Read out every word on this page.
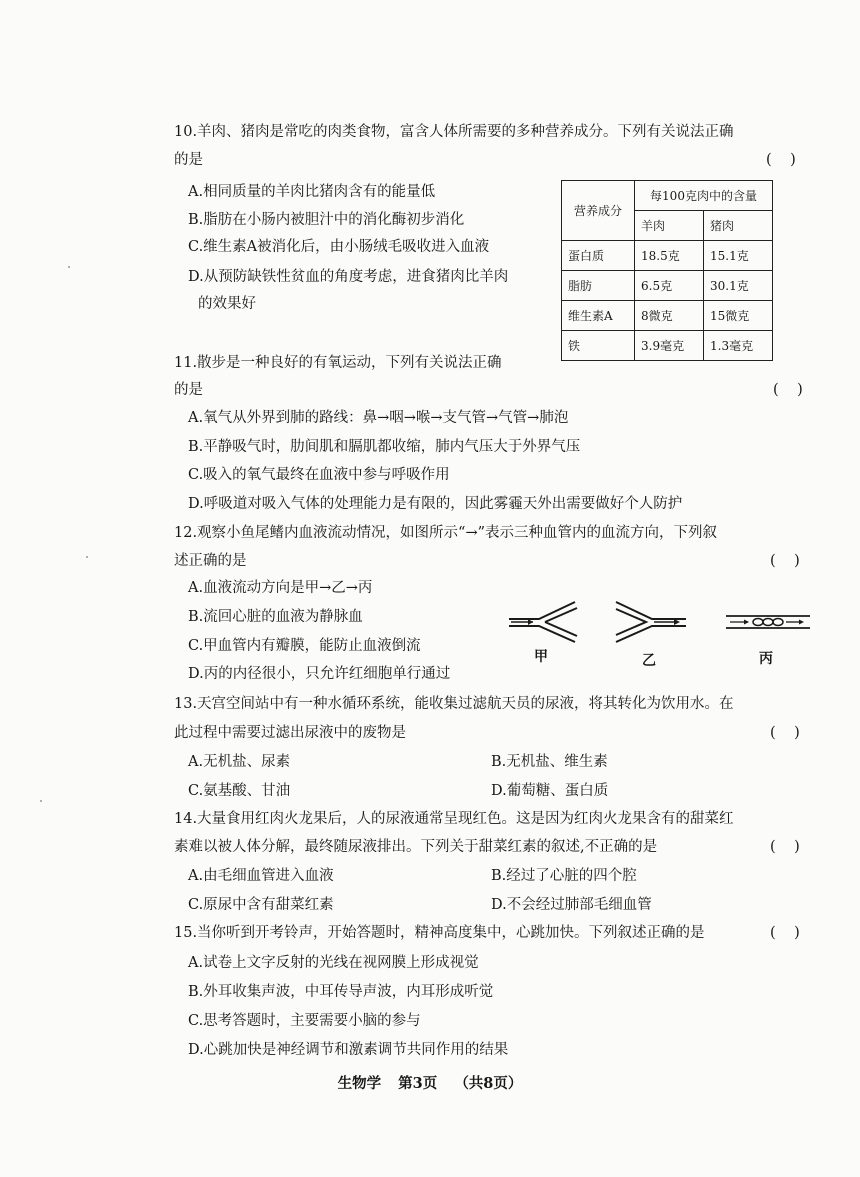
10.羊肉、猪肉是常吃的肉类食物，富含人体所需要的多种营养成分。下列有关说法正确
的是	(    )
A.相同质量的羊肉比猪肉含有的能量低
B.脂肪在小肠内被胆汁中的消化酶初步消化
C.维生素A被消化后，由小肠绒毛吸收进入血液
D.从预防缺铁性贫血的角度考虑，进食猪肉比羊肉
的效果好
营养成分	每100克肉中的含量	
	羊肉	猪肉
蛋白质	18.5克	15.1克
脂肪	6.5克	30.1克
维生素A	8微克	15微克
铁	3.9毫克	1.3毫克
11.散步是一种良好的有氧运动，下列有关说法正确
的是	(    )
A.氧气从外界到肺的路线：鼻→咽→喉→支气管→气管→肺泡
B.平静吸气时，肋间肌和膈肌都收缩，肺内气压大于外界气压
C.吸入的氧气最终在血液中参与呼吸作用
D.呼吸道对吸入气体的处理能力是有限的，因此雾霾天外出需要做好个人防护
12.观察小鱼尾鳍内血液流动情况，如图所示“→”表示三种血管内的血流方向，下列叙
述正确的是	(    )
A.血液流动方向是甲→乙→丙
B.流回心脏的血液为静脉血
C.甲血管内有瓣膜，能防止血液倒流
D.丙的内径很小，只允许红细胞单行通过
甲	乙	丙
13.天宫空间站中有一种水循环系统，能收集过滤航天员的尿液，将其转化为饮用水。在
此过程中需要过滤出尿液中的废物是	(    )
A.无机盐、尿素	B.无机盐、维生素
C.氨基酸、甘油	D.葡萄糖、蛋白质
14.大量食用红肉火龙果后，人的尿液通常呈现红色。这是因为红肉火龙果含有的甜菜红
素难以被人体分解，最终随尿液排出。下列关于甜菜红素的叙述,不正确的是	(    )
A.由毛细血管进入血液	B.经过了心脏的四个腔
C.原尿中含有甜菜红素	D.不会经过肺部毛细血管
15.当你听到开考铃声，开始答题时，精神高度集中，心跳加快。下列叙述正确的是	(    )
A.试卷上文字反射的光线在视网膜上形成视觉
B.外耳收集声波，中耳传导声波，内耳形成听觉
C.思考答题时，主要需要小脑的参与
D.心跳加快是神经调节和激素调节共同作用的结果
生物学 第3页 （共8页）
